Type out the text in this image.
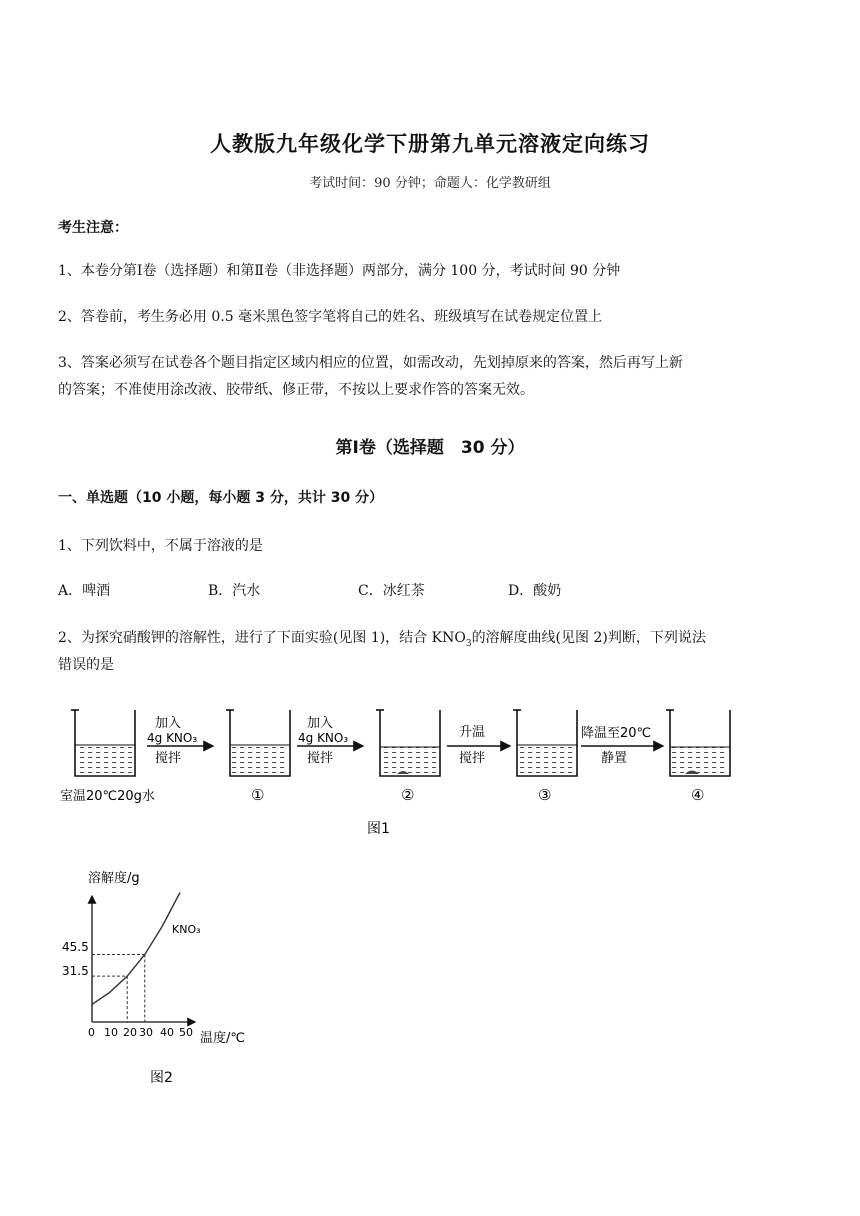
人教版九年级化学下册第九单元溶液定向练习
考试时间：90 分钟；命题人：化学教研组
考生注意：
1、本卷分第Ⅰ卷（选择题）和第Ⅱ卷（非选择题）两部分，满分 100 分，考试时间 90 分钟
2、答卷前，考生务必用 0.5 毫米黑色签字笔将自己的姓名、班级填写在试卷规定位置上
3、答案必须写在试卷各个题目指定区域内相应的位置，如需改动，先划掉原来的答案，然后再写上新
的答案；不准使用涂改液、胶带纸、修正带，不按以上要求作答的答案无效。
第Ⅰ卷（选择题　30 分）
一、单选题（10 小题，每小题 3 分，共计 30 分）
1、下列饮料中，不属于溶液的是
A．啤酒	B．汽水	C．冰红茶	D．酸奶
2、为探究硝酸钾的溶解性，进行了下面实验(见图 1)，结合 $KNO_3$的溶解度曲线(见图 2)判断，下列说法
错误的是
加入
4g KNO₃
搅拌
加入
4g KNO₃
搅拌
升温
搅拌
降温至20℃
静置
室温20℃20g水	①	②	③	④
图1
溶解度/g
温度/℃
0 10 20 30 40 50
45.5
31.5
KNO₃
图2
